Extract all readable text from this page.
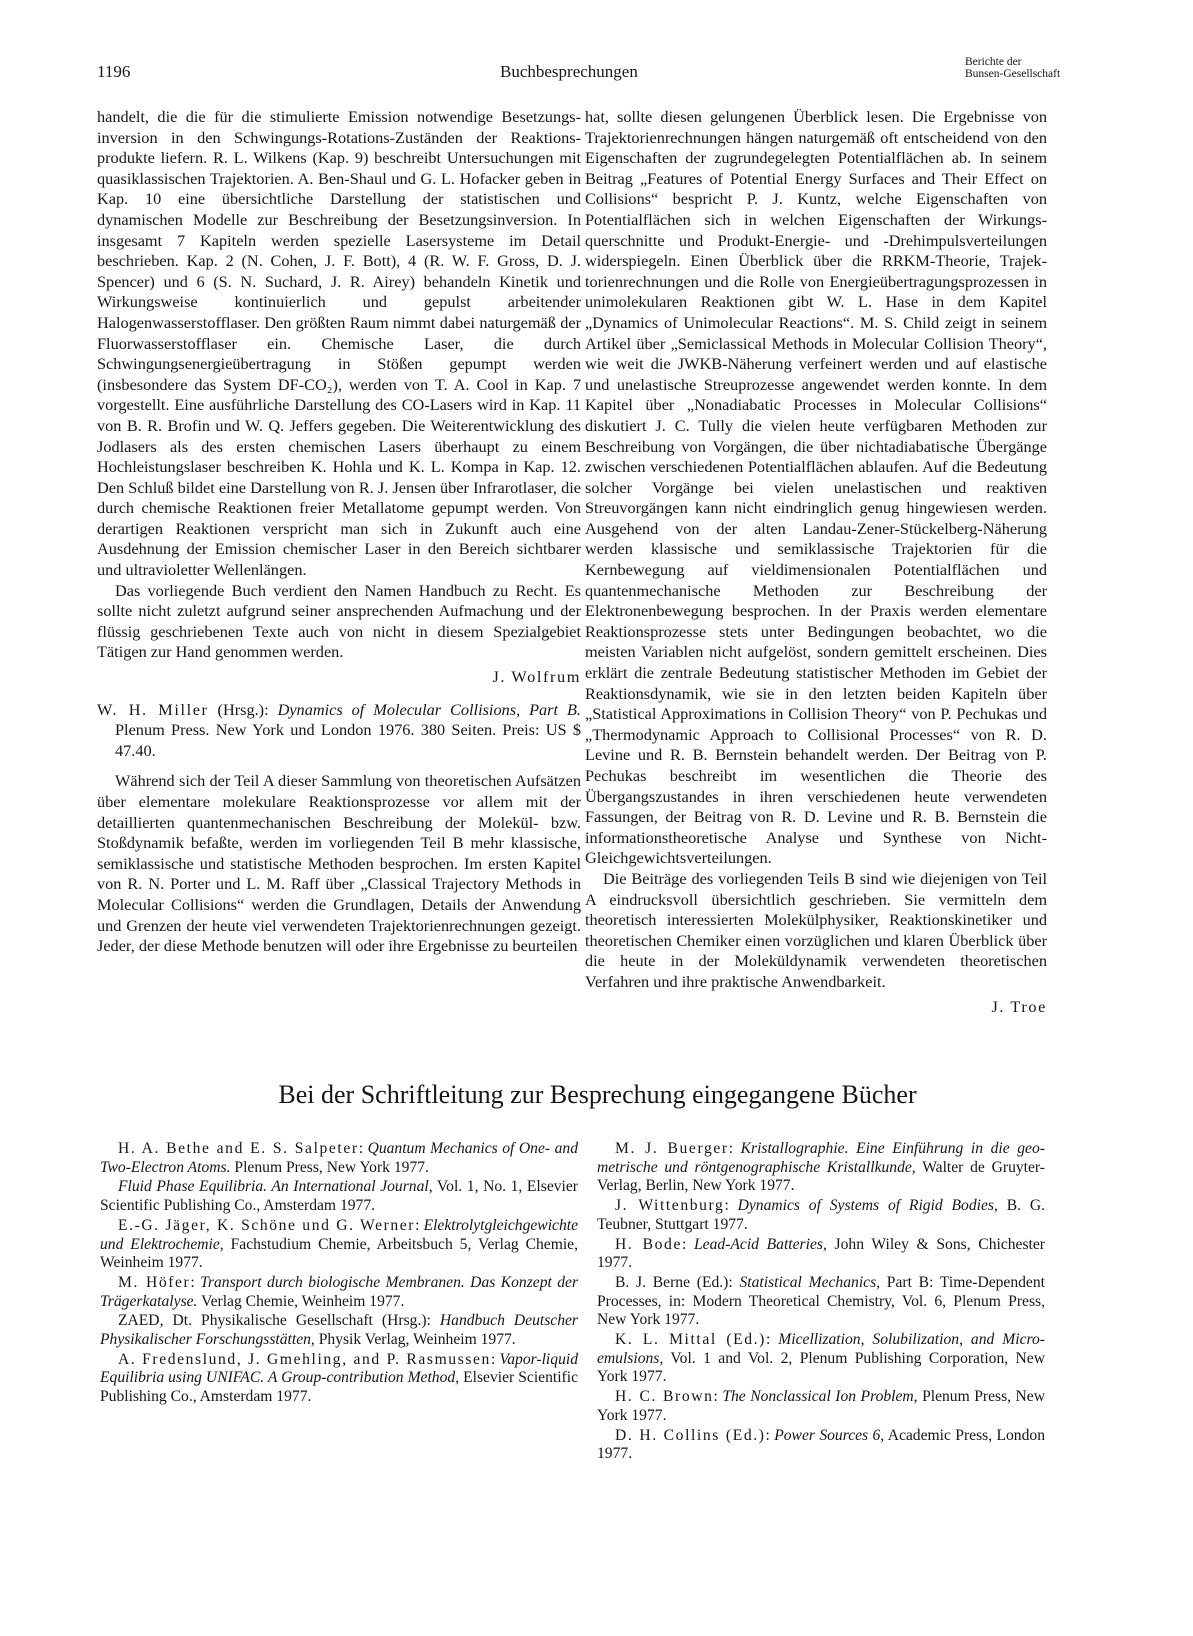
1196	Buchbesprechungen	Berichte der
Bunsen-Gesellschaft

handelt, die die für die stimulierte Emission notwendige Besetzungsinversion in den Schwingungs-Rotations-Zuständen der Reaktionsprodukte liefern. R. L. Wilkens (Kap. 9) beschreibt Untersuchungen mit quasiklassischen Trajektorien. A. Ben-Shaul und G. L. Hofacker geben in Kap. 10 eine übersichtliche Darstellung der statistischen und dynamischen Modelle zur Beschreibung der Besetzungsinversion. In insgesamt 7 Kapiteln werden spezielle Lasersysteme im Detail beschrieben. Kap. 2 (N. Cohen, J. F. Bott), 4 (R. W. F. Gross, D. J. Spencer) und 6 (S. N. Suchard, J. R. Airey) behandeln Kinetik und Wirkungsweise kontinuierlich und gepulst arbeitender Halogenwasserstofflaser. Den größten Raum nimmt dabei naturgemäß der Fluorwasserstofflaser ein. Chemische Laser, die durch Schwingungsenergieübertragung in Stößen gepumpt werden (insbesondere das System DF-CO₂), werden von T. A. Cool in Kap. 7 vorgestellt. Eine ausführliche Darstellung des CO-Lasers wird in Kap. 11 von B. R. Brofin und W. Q. Jeffers gegeben. Die Weiterentwicklung des Jodlasers als des ersten chemischen Lasers überhaupt zu einem Hochleistungslaser beschreiben K. Hohla und K. L. Kompa in Kap. 12. Den Schluß bildet eine Darstellung von R. J. Jensen über Infrarotlaser, die durch chemische Reaktionen freier Metallatome gepumpt werden. Von derartigen Reaktionen verspricht man sich in Zukunft auch eine Ausdehnung der Emission chemischer Laser in den Bereich sichtbarer und ultravioletter Wellenlängen.

Das vorliegende Buch verdient den Namen Handbuch zu Recht. Es sollte nicht zuletzt aufgrund seiner ansprechenden Aufmachung und der flüssig geschriebenen Texte auch von nicht in diesem Spezialgebiet Tätigen zur Hand genommen werden.

J. Wolfrum

W. H. Miller (Hrsg.): Dynamics of Molecular Collisions, Part B. Plenum Press. New York und London 1976. 380 Seiten. Preis: US $ 47.40.

Während sich der Teil A dieser Sammlung von theoretischen Aufsätzen über elementare molekulare Reaktionsprozesse vor allem mit der detaillierten quantenmechanischen Beschreibung der Molekül- bzw. Stoßdynamik befaßte, werden im vorliegenden Teil B mehr klassische, semiklassische und statistische Methoden besprochen. Im ersten Kapitel von R. N. Porter und L. M. Raff über „Classical Trajectory Methods in Molecular Collisions“ werden die Grundlagen, Details der Anwendung und Grenzen der heute viel verwendeten Trajektorienrechnungen gezeigt. Jeder, der diese Methode benutzen will oder ihre Ergebnisse zu beurteilen

hat, sollte diesen gelungenen Überblick lesen. Die Ergebnisse von Trajektorienrechnungen hängen naturgemäß oft entscheidend von den Eigenschaften der zugrundegelegten Potentialflächen ab. In seinem Beitrag „Features of Potential Energy Surfaces and Their Effect on Collisions“ bespricht P. J. Kuntz, welche Eigenschaften von Potentialflächen sich in welchen Eigenschaften der Wirkungsquerschnitte und Produkt-Energie- und -Drehimpulsverteilungen widerspiegeln. Einen Überblick über die RRKM-Theorie, Trajektorienrechnungen und die Rolle von Energieübertragungsprozessen in unimolekularen Reaktionen gibt W. L. Hase in dem Kapitel „Dynamics of Unimolecular Reactions“. M. S. Child zeigt in seinem Artikel über „Semiclassical Methods in Molecular Collision Theory“, wie weit die JWKB-Näherung verfeinert werden und auf elastische und unelastische Streuprozesse angewendet werden konnte. In dem Kapitel über „Nonadiabatic Processes in Molecular Collisions“ diskutiert J. C. Tully die vielen heute verfügbaren Methoden zur Beschreibung von Vorgängen, die über nichtadiabatische Übergänge zwischen verschiedenen Potentialflächen ablaufen. Auf die Bedeutung solcher Vorgänge bei vielen unelastischen und reaktiven Streuvorgängen kann nicht eindringlich genug hingewiesen werden. Ausgehend von der alten Landau-Zener-Stückelberg-Näherung werden klassische und semiklassische Trajektorien für die Kernbewegung auf vieldimensionalen Potentialflächen und quantenmechanische Methoden zur Beschreibung der Elektronenbewegung besprochen. In der Praxis werden elementare Reaktionsprozesse stets unter Bedingungen beobachtet, wo die meisten Variablen nicht aufgelöst, sondern gemittelt erscheinen. Dies erklärt die zentrale Bedeutung statistischer Methoden im Gebiet der Reaktionsdynamik, wie sie in den letzten beiden Kapiteln über „Statistical Approximations in Collision Theory“ von P. Pechukas und „Thermodynamic Approach to Collisional Processes“ von R. D. Levine und R. B. Bernstein behandelt werden. Der Beitrag von P. Pechukas beschreibt im wesentlichen die Theorie des Übergangszustandes in ihren verschiedenen heute verwendeten Fassungen, der Beitrag von R. D. Levine und R. B. Bernstein die informationstheoretische Analyse und Synthese von NichtGleichgewichtsverteilungen.

Die Beiträge des vorliegenden Teils B sind wie diejenigen von Teil A eindrucksvoll übersichtlich geschrieben. Sie vermitteln dem theoretisch interessierten Molekülphysiker, Reaktionskinetiker und theoretischen Chemiker einen vorzüglichen und klaren Überblick über die heute in der Moleküldynamik verwendeten theoretischen Verfahren und ihre praktische Anwendbarkeit.

J. Troe

Bei der Schriftleitung zur Besprechung eingegangene Bücher

H. A. Bethe and E. S. Salpeter: Quantum Mechanics of One- and Two-Electron Atoms. Plenum Press, New York 1977.

Fluid Phase Equilibria. An International Journal, Vol. 1, No. 1, Elsevier Scientific Publishing Co., Amsterdam 1977.

E.-G. Jäger, K. Schöne und G. Werner: Elektrolytgleichgewichte und Elektrochemie, Fachstudium Chemie, Arbeitsbuch 5, Verlag Chemie, Weinheim 1977.

M. Höfer: Transport durch biologische Membranen. Das Konzept der Trägerkatalyse. Verlag Chemie, Weinheim 1977.

ZAED, Dt. Physikalische Gesellschaft (Hrsg.): Handbuch Deutscher Physikalischer Forschungsstätten, Physik Verlag, Weinheim 1977.

A. Fredenslund, J. Gmehling, and P. Rasmussen: Vapor-liquid Equilibria using UNIFAC. A Group-contribution Method, Elsevier Scientific Publishing Co., Amsterdam 1977.

M. J. Buerger: Kristallographie. Eine Einführung in die geometrische und röntgenographische Kristallkunde, Walter de Gruyter-Verlag, Berlin, New York 1977.

J. Wittenburg: Dynamics of Systems of Rigid Bodies, B. G. Teubner, Stuttgart 1977.

H. Bode: Lead-Acid Batteries, John Wiley & Sons, Chichester 1977.

B. J. Berne (Ed.): Statistical Mechanics, Part B: Time-Dependent Processes, in: Modern Theoretical Chemistry, Vol. 6, Plenum Press, New York 1977.

K. L. Mittal (Ed.): Micellization, Solubilization, and Microemulsions, Vol. 1 and Vol. 2, Plenum Publishing Corporation, New York 1977.

H. C. Brown: The Nonclassical Ion Problem, Plenum Press, New York 1977.

D. H. Collins (Ed.): Power Sources 6, Academic Press, London 1977.
